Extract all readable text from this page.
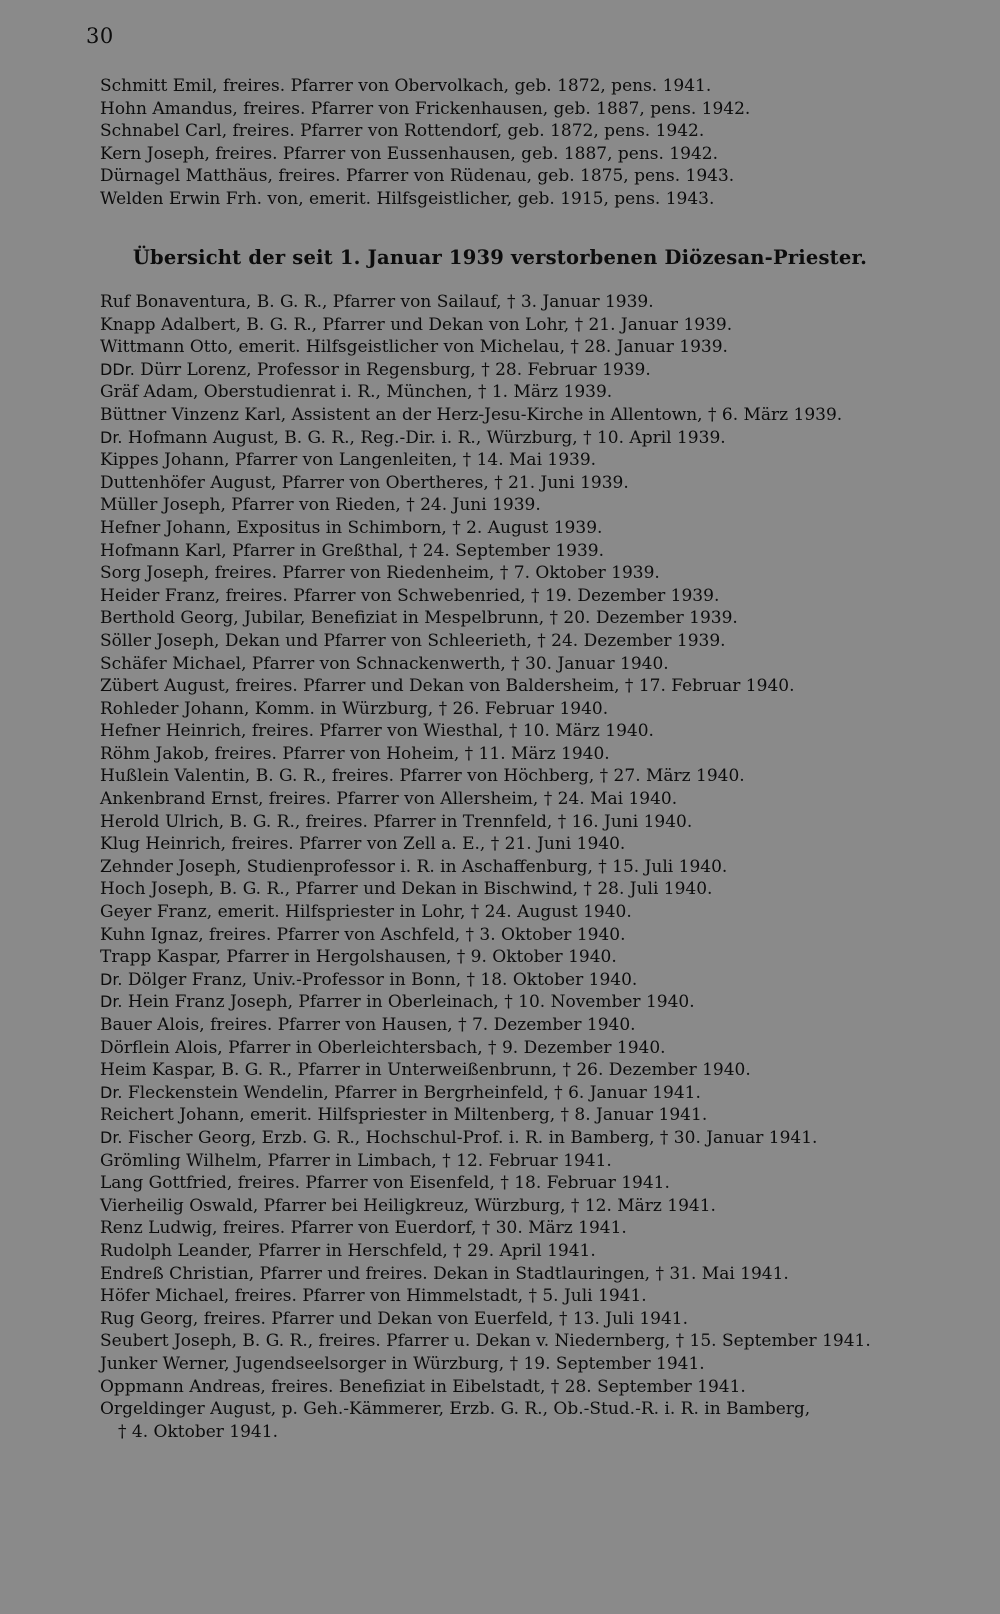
30
Schmitt Emil, freires. Pfarrer von Obervolkach, geb. 1872, pens. 1941.
Hohn Amandus, freires. Pfarrer von Frickenhausen, geb. 1887, pens. 1942.
Schnabel Carl, freires. Pfarrer von Rottendorf, geb. 1872, pens. 1942.
Kern Joseph, freires. Pfarrer von Eussenhausen, geb. 1887, pens. 1942.
Dürnagel Matthäus, freires. Pfarrer von Rüdenau, geb. 1875, pens. 1943.
Welden Erwin Frh. von, emerit. Hilfsgeistlicher, geb. 1915, pens. 1943.
Übersicht der seit 1. Januar 1939 verstorbenen Diözesan-Priester.
Ruf Bonaventura, B. G. R., Pfarrer von Sailauf, † 3. Januar 1939.
Knapp Adalbert, B. G. R., Pfarrer und Dekan von Lohr, † 21. Januar 1939.
Wittmann Otto, emerit. Hilfsgeistlicher von Michelau, † 28. Januar 1939.
DDr. Dürr Lorenz, Professor in Regensburg, † 28. Februar 1939.
Gräf Adam, Oberstudienrat i. R., München, † 1. März 1939.
Büttner Vinzenz Karl, Assistent an der Herz-Jesu-Kirche in Allentown, † 6. März 1939.
Dr. Hofmann August, B. G. R., Reg.-Dir. i. R., Würzburg, † 10. April 1939.
Kippes Johann, Pfarrer von Langenleiten, † 14. Mai 1939.
Duttenhöfer August, Pfarrer von Obertheres, † 21. Juni 1939.
Müller Joseph, Pfarrer von Rieden, † 24. Juni 1939.
Hefner Johann, Expositus in Schimborn, † 2. August 1939.
Hofmann Karl, Pfarrer in Greßthal, † 24. September 1939.
Sorg Joseph, freires. Pfarrer von Riedenheim, † 7. Oktober 1939.
Heider Franz, freires. Pfarrer von Schwebenried, † 19. Dezember 1939.
Berthold Georg, Jubilar, Benefiziat in Mespelbrunn, † 20. Dezember 1939.
Söller Joseph, Dekan und Pfarrer von Schleerieth, † 24. Dezember 1939.
Schäfer Michael, Pfarrer von Schnackenwerth, † 30. Januar 1940.
Zübert August, freires. Pfarrer und Dekan von Baldersheim, † 17. Februar 1940.
Rohleder Johann, Komm. in Würzburg, † 26. Februar 1940.
Hefner Heinrich, freires. Pfarrer von Wiesthal, † 10. März 1940.
Röhm Jakob, freires. Pfarrer von Hoheim, † 11. März 1940.
Hußlein Valentin, B. G. R., freires. Pfarrer von Höchberg, † 27. März 1940.
Ankenbrand Ernst, freires. Pfarrer von Allersheim, † 24. Mai 1940.
Herold Ulrich, B. G. R., freires. Pfarrer in Trennfeld, † 16. Juni 1940.
Klug Heinrich, freires. Pfarrer von Zell a. E., † 21. Juni 1940.
Zehnder Joseph, Studienprofessor i. R. in Aschaffenburg, † 15. Juli 1940.
Hoch Joseph, B. G. R., Pfarrer und Dekan in Bischwind, † 28. Juli 1940.
Geyer Franz, emerit. Hilfspriester in Lohr, † 24. August 1940.
Kuhn Ignaz, freires. Pfarrer von Aschfeld, † 3. Oktober 1940.
Trapp Kaspar, Pfarrer in Hergolshausen, † 9. Oktober 1940.
Dr. Dölger Franz, Univ.-Professor in Bonn, † 18. Oktober 1940.
Dr. Hein Franz Joseph, Pfarrer in Oberleinach, † 10. November 1940.
Bauer Alois, freires. Pfarrer von Hausen, † 7. Dezember 1940.
Dörflein Alois, Pfarrer in Oberleichtersbach, † 9. Dezember 1940.
Heim Kaspar, B. G. R., Pfarrer in Unterweißenbrunn, † 26. Dezember 1940.
Dr. Fleckenstein Wendelin, Pfarrer in Bergrheinfeld, † 6. Januar 1941.
Reichert Johann, emerit. Hilfspriester in Miltenberg, † 8. Januar 1941.
Dr. Fischer Georg, Erzb. G. R., Hochschul-Prof. i. R. in Bamberg, † 30. Januar 1941.
Grömling Wilhelm, Pfarrer in Limbach, † 12. Februar 1941.
Lang Gottfried, freires. Pfarrer von Eisenfeld, † 18. Februar 1941.
Vierheilig Oswald, Pfarrer bei Heiligkreuz, Würzburg, † 12. März 1941.
Renz Ludwig, freires. Pfarrer von Euerdorf, † 30. März 1941.
Rudolph Leander, Pfarrer in Herschfeld, † 29. April 1941.
Endreß Christian, Pfarrer und freires. Dekan in Stadtlauringen, † 31. Mai 1941.
Höfer Michael, freires. Pfarrer von Himmelstadt, † 5. Juli 1941.
Rug Georg, freires. Pfarrer und Dekan von Euerfeld, † 13. Juli 1941.
Seubert Joseph, B. G. R., freires. Pfarrer u. Dekan v. Niedernberg, † 15. September 1941.
Junker Werner, Jugendseelsorger in Würzburg, † 19. September 1941.
Oppmann Andreas, freires. Benefiziat in Eibelstadt, † 28. September 1941.
Orgeldinger August, p. Geh.-Kämmerer, Erzb. G. R., Ob.-Stud.-R. i. R. in Bamberg,
† 4. Oktober 1941.
